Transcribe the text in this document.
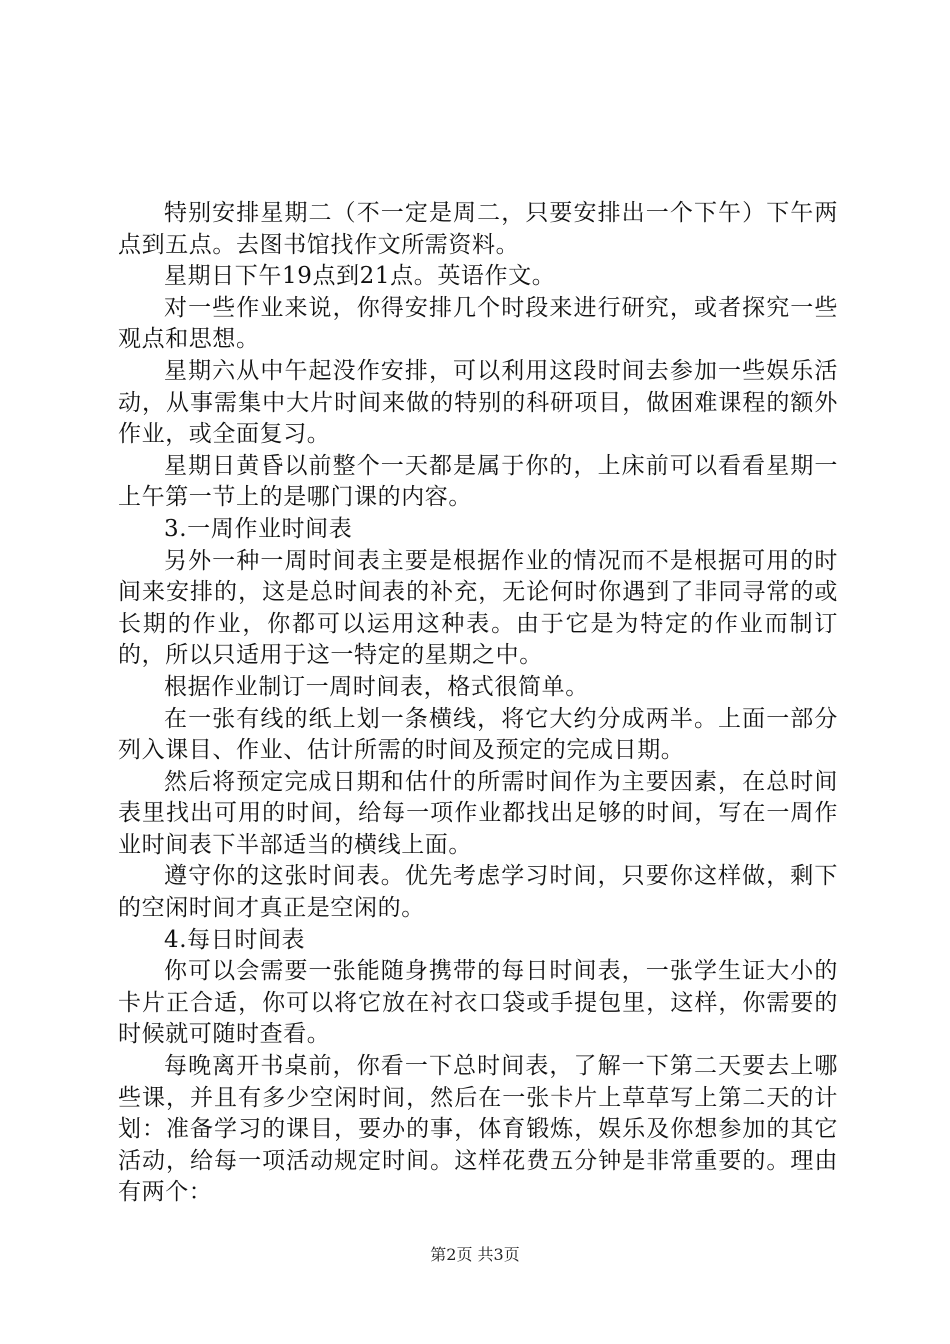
特别安排星期二（不一定是周二，只要安排出一个下午）下午两点到五点。去图书馆找作文所需资料。

星期日下午19点到21点。英语作文。

对一些作业来说，你得安排几个时段来进行研究，或者探究一些观点和思想。

星期六从中午起没作安排，可以利用这段时间去参加一些娱乐活动，从事需集中大片时间来做的特别的科研项目，做困难课程的额外作业，或全面复习。

星期日黄昏以前整个一天都是属于你的，上床前可以看看星期一上午第一节上的是哪门课的内容。

3.一周作业时间表

另外一种一周时间表主要是根据作业的情况而不是根据可用的时间来安排的，这是总时间表的补充，无论何时你遇到了非同寻常的或长期的作业，你都可以运用这种表。由于它是为特定的作业而制订的，所以只适用于这一特定的星期之中。

根据作业制订一周时间表，格式很简单。

在一张有线的纸上划一条横线，将它大约分成两半。上面一部分列入课目、作业、估计所需的时间及预定的完成日期。

然后将预定完成日期和估什的所需时间作为主要因素，在总时间表里找出可用的时间，给每一项作业都找出足够的时间，写在一周作业时间表下半部适当的横线上面。

遵守你的这张时间表。优先考虑学习时间，只要你这样做，剩下的空闲时间才真正是空闲的。

4.每日时间表

你可以会需要一张能随身携带的每日时间表，一张学生证大小的卡片正合适，你可以将它放在衬衣口袋或手提包里，这样，你需要的时候就可随时查看。

每晚离开书桌前，你看一下总时间表，了解一下第二天要去上哪些课，并且有多少空闲时间，然后在一张卡片上草草写上第二天的计划：准备学习的课目，要办的事，体育锻炼，娱乐及你想参加的其它活动，给每一项活动规定时间。这样花费五分钟是非常重要的。理由有两个：

第2页 共3页
